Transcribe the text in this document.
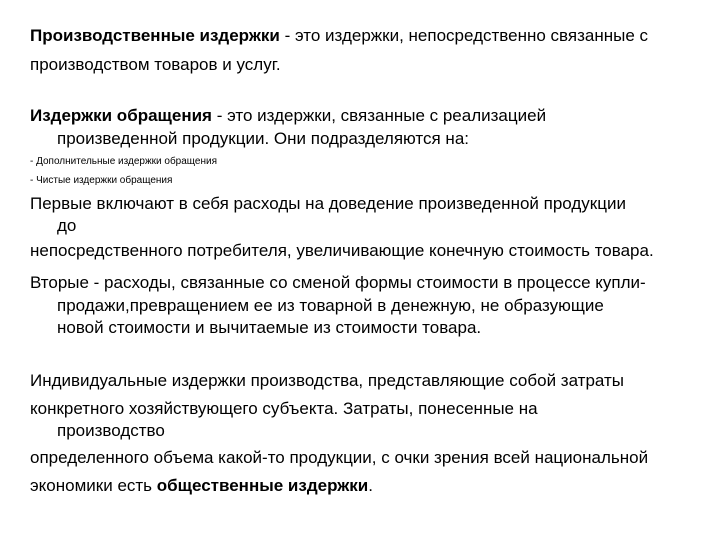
Производственные издержки - это издержки, непосредственно связанные с
производством товаров и услуг.
Издержки обращения - это издержки, связанные с реализацией
произведенной продукции. Они подразделяются на:
- Дополнительные издержки обращения
- Чистые издержки обращения
Первые включают в себя расходы на доведение произведенной продукции
до
непосредственного потребителя, увеличивающие конечную стоимость товара.
Вторые - расходы, связанные со сменой формы стоимости в процессе купли-
продажи,превращением ее из товарной в денежную, не образующие
новой стоимости и вычитаемые из стоимости товара.
Индивидуальные издержки производства, представляющие собой затраты
конкретного хозяйствующего субъекта. Затраты, понесенные на
производство
определенного объема какой-то продукции, с очки зрения всей национальной
экономики есть общественные издержки.
